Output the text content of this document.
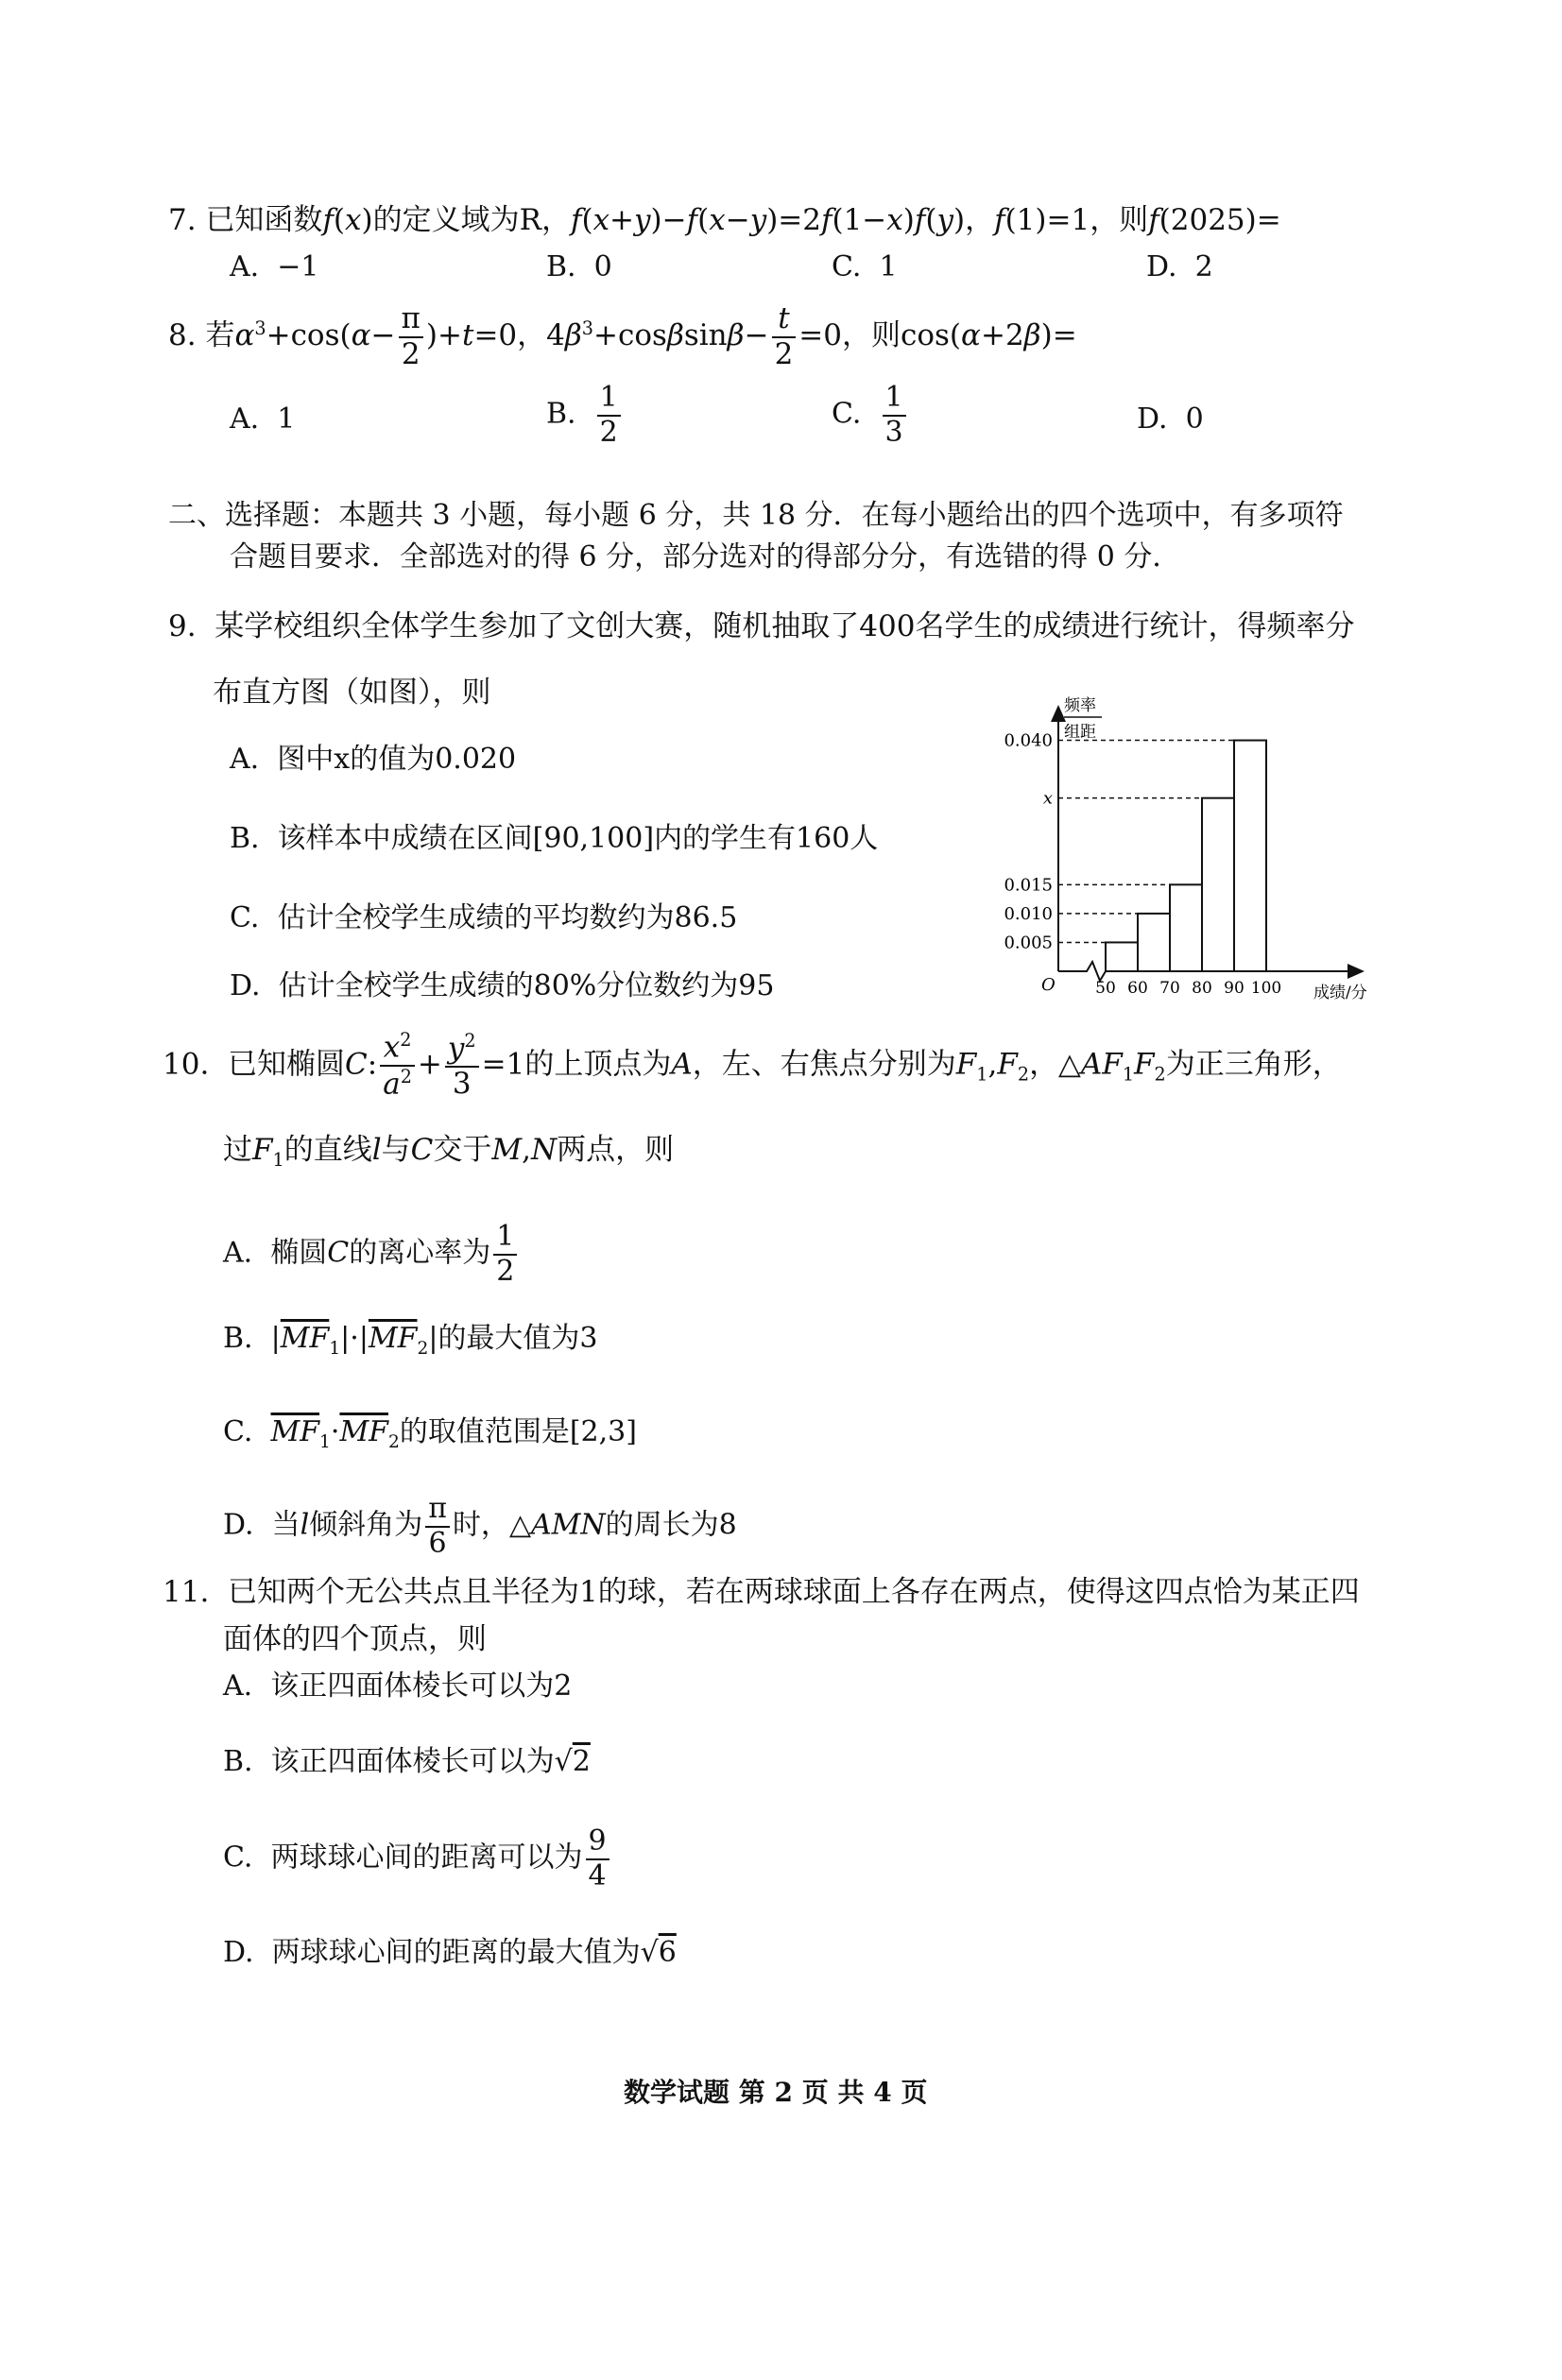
7. 已知函数f(x)的定义域为R，f(x+y)−f(x−y)=2f(1−x)f(y)，f(1)=1，则f(2025)=
A. −1	B. 0	C. 1	D. 2
8. 若$\alpha^3+\cos(\alpha- \frac{\pi}{2} )+t=0$，$4\beta^3+\cos\beta\sin\beta- \frac{t}{2} =0$，则cos(α+2β)=
A. 1	B. $\frac{1}{2}$	C. $\frac{1}{3}$	D. 0
二、选择题：本题共 3 小题，每小题 6 分，共 18 分．在每小题给出的四个选项中，有多项符
合题目要求．全部选对的得 6 分，部分选对的得部分分，有选错的得 0 分．
9. 某学校组织全体学生参加了文创大赛，随机抽取了400名学生的成绩进行统计，得频率分
布直方图（如图），则
A. 图中x的值为0.020
B. 该样本中成绩在区间[90,100]内的学生有160人
C. 估计全校学生成绩的平均数约为86.5
D. 估计全校学生成绩的80%分位数约为95
频率
组距
O	成绩/分
0.040
x
0.015
0.010
0.005
50 60 70 80 90 100
10. 已知椭圆C: $\frac{x^2}{a^2} + \frac{y^2}{3} =1$的上顶点为A，左、右焦点分别为$F_1,F_2$，$\triangle AF_1F_2$为正三角形，
过$F_1$的直线l与C交于M,N两点，则
A. 椭圆C的离心率为 $\frac{1}{2}$
B.  $|\overline{MF}_1|\cdot|\overline{MF}_2|$的最大值为3
C. $\overline{MF}_1\cdot\overline{MF}_2$的取值范围是[2,3]
D. 当l倾斜角为 $\frac{\pi}{6}$ 时，△AMN的周长为8
11. 已知两个无公共点且半径为1的球，若在两球球面上各存在两点，使得这四点恰为某正四
面体的四个顶点，则
A. 该正四面体棱长可以为2
B. 该正四面体棱长可以为√2
C. 两球球心间的距离可以为 $\frac{9}{4}$
D. 两球球心间的距离的最大值为√6
数学试题 第 2 页 共 4 页
